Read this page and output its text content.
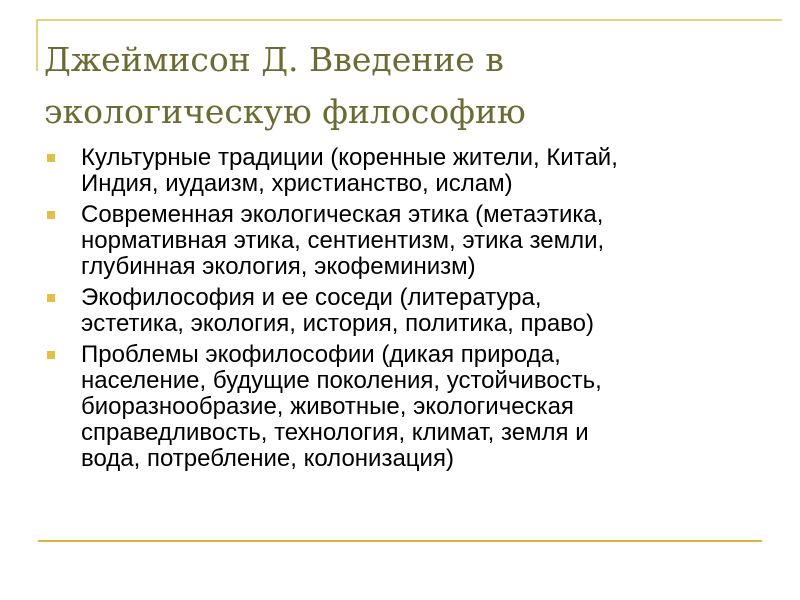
Джеймисон Д. Введение в
экологическую философию
Культурные традиции (коренные жители, Китай,
Индия, иудаизм, христианство, ислам)
Современная экологическая этика (метаэтика,
нормативная этика, сентиентизм, этика земли,
глубинная экология, экофеминизм)
Экофилософия и ее соседи (литература,
эстетика, экология, история, политика, право)
Проблемы экофилософии (дикая природа,
население, будущие поколения, устойчивость,
биоразнообразие, животные, экологическая
справедливость, технология, климат, земля и
вода, потребление, колонизация)
